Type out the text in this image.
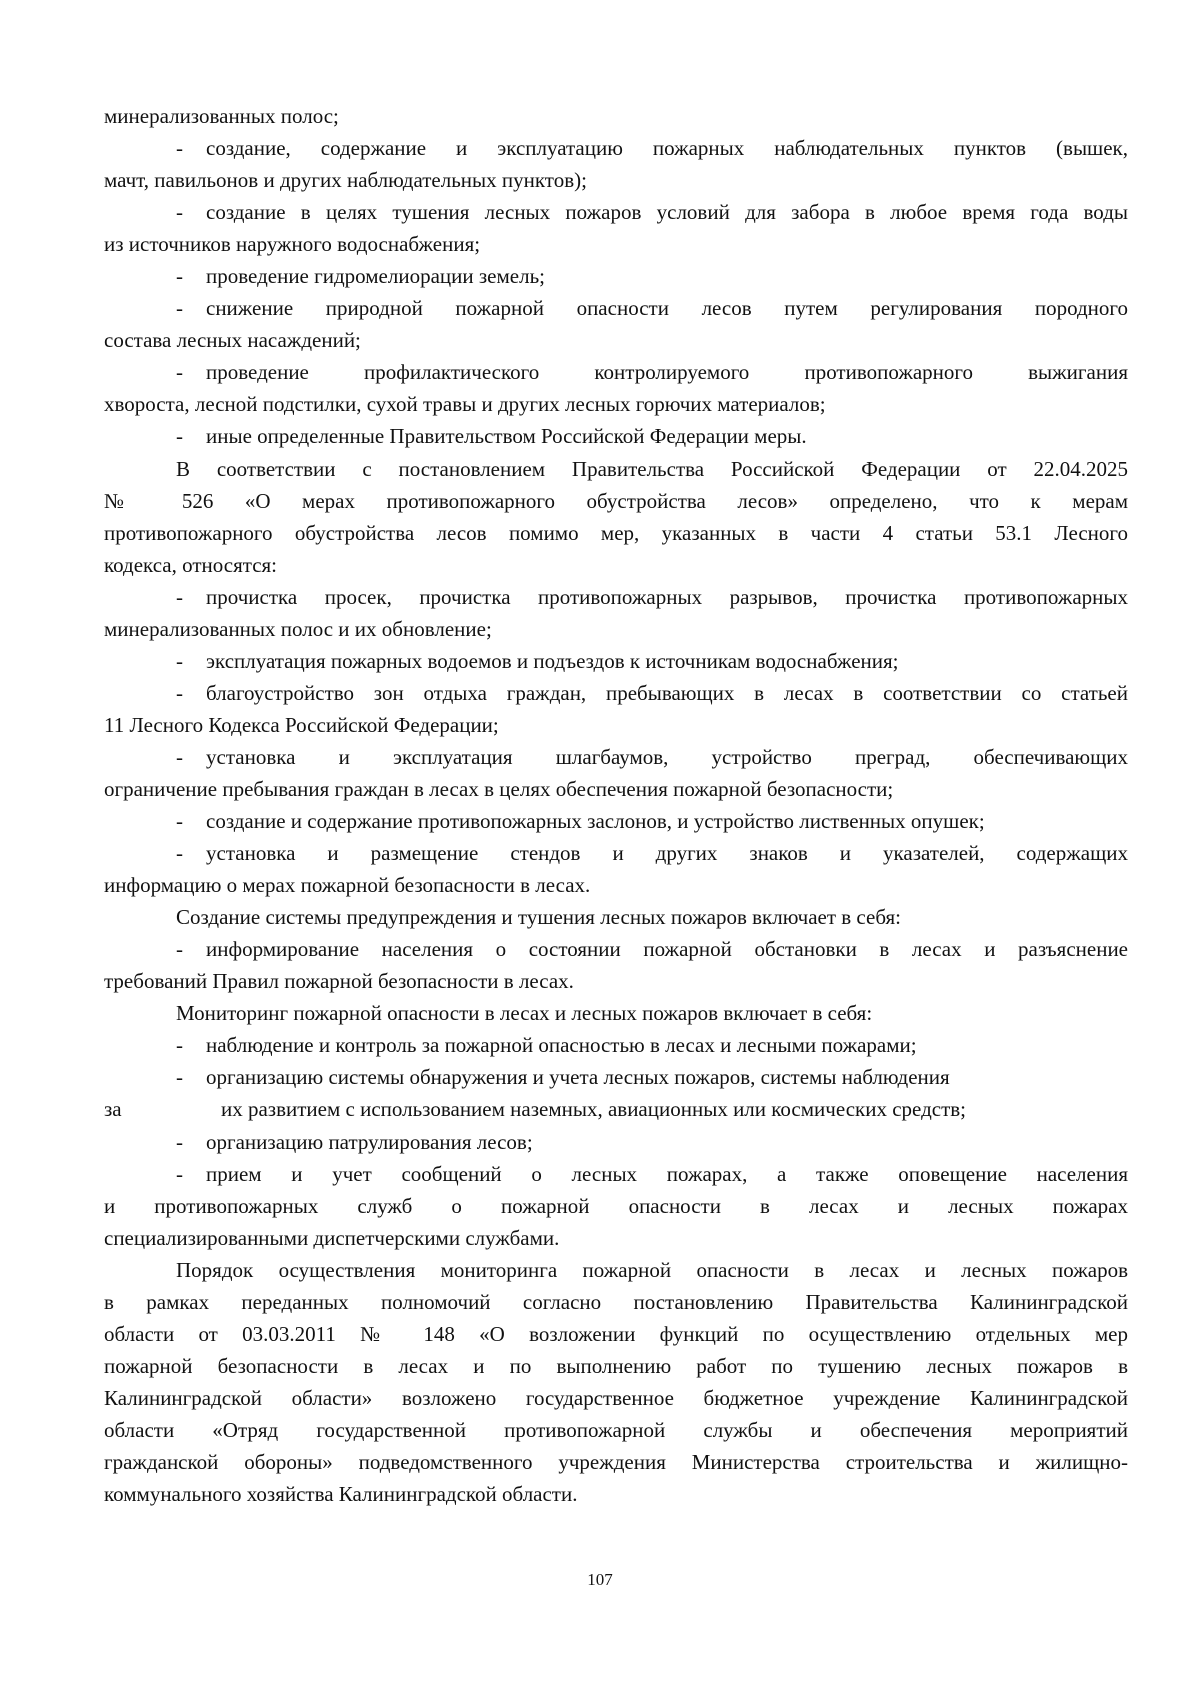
минерализованных полос;
- создание, содержание и эксплуатацию пожарных наблюдательных пунктов (вышек,
мачт, павильонов и других наблюдательных пунктов);
- создание в целях тушения лесных пожаров условий для забора в любое время года воды
из источников наружного водоснабжения;
- проведение гидромелиорации земель;
- снижение природной пожарной опасности лесов путем регулирования породного
состава лесных насаждений;
- проведение профилактического контролируемого противопожарного выжигания
хвороста, лесной подстилки, сухой травы и других лесных горючих материалов;
- иные определенные Правительством Российской Федерации меры.
В соответствии с постановлением Правительства Российской Федерации от 22.04.2025
№ 526 «О мерах противопожарного обустройства лесов» определено, что к мерам
противопожарного обустройства лесов помимо мер, указанных в части 4 статьи 53.1 Лесного
кодекса, относятся:
- прочистка просек, прочистка противопожарных разрывов, прочистка противопожарных
минерализованных полос и их обновление;
- эксплуатация пожарных водоемов и подъездов к источникам водоснабжения;
- благоустройство зон отдыха граждан, пребывающих в лесах в соответствии со статьей
11 Лесного Кодекса Российской Федерации;
- установка и эксплуатация шлагбаумов, устройство преград, обеспечивающих
ограничение пребывания граждан в лесах в целях обеспечения пожарной безопасности;
- создание и содержание противопожарных заслонов, и устройство лиственных опушек;
- установка и размещение стендов и других знаков и указателей, содержащих
информацию о мерах пожарной безопасности в лесах.
Создание системы предупреждения и тушения лесных пожаров включает в себя:
- информирование населения о состоянии пожарной обстановки в лесах и разъяснение
требований Правил пожарной безопасности в лесах.
Мониторинг пожарной опасности в лесах и лесных пожаров включает в себя:
- наблюдение и контроль за пожарной опасностью в лесах и лесными пожарами;
- организацию системы обнаружения и учета лесных пожаров, системы наблюдения
за	их развитием с использованием наземных, авиационных или космических средств;
- организацию патрулирования лесов;
- прием и учет сообщений о лесных пожарах, а также оповещение населения
и противопожарных служб о пожарной опасности в лесах и лесных пожарах
специализированными диспетчерскими службами.
Порядок осуществления мониторинга пожарной опасности в лесах и лесных пожаров
в рамках переданных полномочий согласно постановлению Правительства Калининградской
области от 03.03.2011 № 148 «О возложении функций по осуществлению отдельных мер
пожарной безопасности в лесах и по выполнению работ по тушению лесных пожаров в
Калининградской области» возложено государственное бюджетное учреждение Калининградской
области «Отряд государственной противопожарной службы и обеспечения мероприятий
гражданской обороны» подведомственного учреждения Министерства строительства и жилищно-
коммунального хозяйства Калининградской области.
107
